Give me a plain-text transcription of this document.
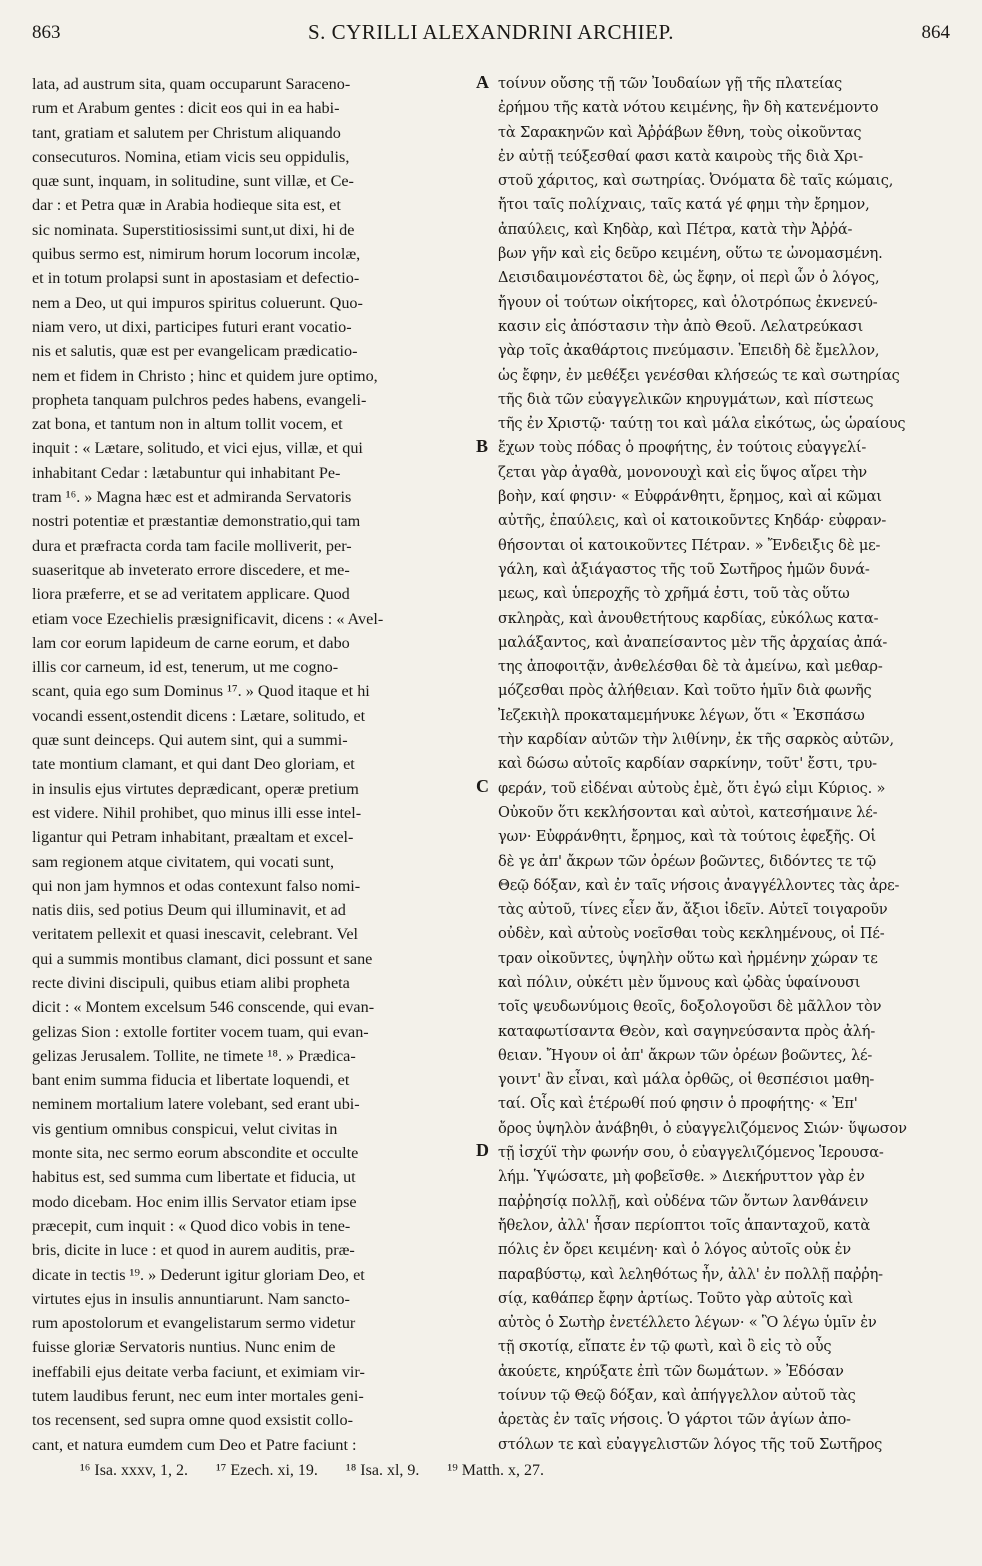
863	S. CYRILLI ALEXANDRINI ARCHIEP.	864
lata, ad austrum sita, quam occuparunt Saraceno-
rum et Arabum gentes : dicit eos qui in ea habi-
tant, gratiam et salutem per Christum aliquando
consecuturos. Nomina, etiam vicis seu oppidulis,
quæ sunt, inquam, in solitudine, sunt villæ, et Ce-
dar : et Petra quæ in Arabia hodieque sita est, et
sic nominata. Superstitiosissimi sunt,ut dixi, hi de
quibus sermo est, nimirum horum locorum incolæ,
et in totum prolapsi sunt in apostasiam et defectio-
nem a Deo, ut qui impuros spiritus coluerunt. Quo-
niam vero, ut dixi, participes futuri erant vocatio-
nis et salutis, quæ est per evangelicam prædicatio-
nem et fidem in Christo ; hinc et quidem jure optimo,
propheta tanquam pulchros pedes habens, evangeli-
zat bona, et tantum non in altum tollit vocem, et
inquit : « Lætare, solitudo, et vici ejus, villæ, et qui
inhabitant Cedar : lætabuntur qui inhabitant Pe-
tram ¹⁶. » Magna hæc est et admiranda Servatoris
nostri potentiæ et præstantiæ demonstratio,qui tam
dura et præfracta corda tam facile molliverit, per-
suaseritque ab inveterato errore discedere, et me-
liora præferre, et se ad veritatem applicare. Quod
etiam voce Ezechielis præsignificavit, dicens : « Avel-
lam cor eorum lapideum de carne eorum, et dabo
illis cor carneum, id est, tenerum, ut me cogno-
scant, quia ego sum Dominus ¹⁷. » Quod itaque et hi
vocandi essent,ostendit dicens : Lætare, solitudo, et
quæ sunt deinceps. Qui autem sint, qui a summi-
tate montium clamant, et qui dant Deo gloriam, et
in insulis ejus virtutes deprædicant, operæ pretium
est videre. Nihil prohibet, quo minus illi esse intel-
ligantur qui Petram inhabitant, præaltam et excel-
sam regionem atque civitatem, qui vocati sunt,
qui non jam hymnos et odas contexunt falso nomi-
natis diis, sed potius Deum qui illuminavit, et ad
veritatem pellexit et quasi inescavit, celebrant. Vel
qui a summis montibus clamant, dici possunt et sane
recte divini discipuli, quibus etiam alibi propheta
dicit : « Montem excelsum 546 conscende, qui evan-
gelizas Sion : extolle fortiter vocem tuam, qui evan-
gelizas Jerusalem. Tollite, ne timete ¹⁸. » Prædica-
bant enim summa fiducia et libertate loquendi, et
neminem mortalium latere volebant, sed erant ubi-
vis gentium omnibus conspicui, velut civitas in
monte sita, nec sermo eorum abscondite et occulte
habitus est, sed summa cum libertate et fiducia, ut
modo dicebam. Hoc enim illis Servator etiam ipse
præcepit, cum inquit : « Quod dico vobis in tene-
bris, dicite in luce : et quod in aurem auditis, præ-
dicate in tectis ¹⁹. » Dederunt igitur gloriam Deo, et
virtutes ejus in insulis annuntiarunt. Nam sancto-
rum apostolorum et evangelistarum sermo videtur
fuisse gloriæ Servatoris nuntius. Nunc enim de
ineffabili ejus deitate verba faciunt, et eximiam vir-
tutem laudibus ferunt, nec eum inter mortales geni-
tos recensent, sed supra omne quod exsistit collo-
cant, et natura eumdem cum Deo et Patre faciunt :
τοίνυν οὔσης τῇ τῶν Ἰουδαίων γῇ τῆς πλατείας
ἐρήμου τῆς κατὰ νότου κειμένης, ἣν δὴ κατενέμοντο
τὰ Σαρακηνῶν καὶ Ἀῤῥάβων ἔθνη, τοὺς οἰκοῦντας
ἐν αὐτῇ τεύξεσθαί φασι κατὰ καιροὺς τῆς διὰ Χρι-
στοῦ χάριτος, καὶ σωτηρίας. Ὀνόματα δὲ ταῖς κώμαις,
ἤτοι ταῖς πολίχναις, ταῖς κατά γέ φημι τὴν ἔρημον,
ἀπαύλεις, καὶ Κηδὰρ, καὶ Πέτρα, κατὰ τὴν Ἀῤῥά-
βων γῆν καὶ εἰς δεῦρο κειμένη, οὕτω τε ὠνομασμένη.
Δεισιδαιμονέστατοι δὲ, ὡς ἔφην, οἱ περὶ ὧν ὁ λόγος,
ἤγουν οἱ τούτων οἰκήτορες, καὶ ὁλοτρόπως ἐκνενεύ-
κασιν εἰς ἀπόστασιν τὴν ἀπὸ Θεοῦ. Λελατρεύκασι
γὰρ τοῖς ἀκαθάρτοις πνεύμασιν. Ἐπειδὴ δὲ ἔμελλον,
ὡς ἔφην, ἐν μεθέξει γενέσθαι κλήσεώς τε καὶ σωτηρίας
τῆς διὰ τῶν εὐαγγελικῶν κηρυγμάτων, καὶ πίστεως
τῆς ἐν Χριστῷ· ταύτῃ τοι καὶ μάλα εἰκότως, ὡς ὡραίους
ἔχων τοὺς πόδας ὁ προφήτης, ἐν τούτοις εὐαγγελί-
ζεται γὰρ ἀγαθὰ, μονονουχὶ καὶ εἰς ὕψος αἴρει τὴν
βοὴν, καί φησιν· « Εὐφράνθητι, ἔρημος, καὶ αἱ κῶμαι
αὐτῆς, ἐπαύλεις, καὶ οἱ κατοικοῦντες Κηδάρ· εὐφραν-
θήσονται οἱ κατοικοῦντες Πέτραν. » Ἔνδειξις δὲ με-
γάλη, καὶ ἀξιάγαστος τῆς τοῦ Σωτῆρος ἡμῶν δυνά-
μεως, καὶ ὑπεροχῆς τὸ χρῆμά ἐστι, τοῦ τὰς οὕτω
σκληρὰς, καὶ ἀνουθετήτους καρδίας, εὐκόλως κατα-
μαλάξαντος, καὶ ἀναπείσαντος μὲν τῆς ἀρχαίας ἀπά-
της ἀποφοιτᾷν, ἀνθελέσθαι δὲ τὰ ἀμείνω, καὶ μεθαρ-
μόζεσθαι πρὸς ἀλήθειαν. Καὶ τοῦτο ἡμῖν διὰ φωνῆς
Ἰεζεκιὴλ προκαταμεμήνυκε λέγων, ὅτι « Ἐκσπάσω
τὴν καρδίαν αὐτῶν τὴν λιθίνην, ἐκ τῆς σαρκὸς αὐτῶν,
καὶ δώσω αὐτοῖς καρδίαν σαρκίνην, τοῦτ' ἔστι, τρυ-
φεράν, τοῦ εἰδέναι αὐτοὺς ἐμὲ, ὅτι ἐγώ εἰμι Κύριος. »
Οὐκοῦν ὅτι κεκλήσονται καὶ αὐτοὶ, κατεσήμαινε λέ-
γων· Εὐφράνθητι, ἔρημος, καὶ τὰ τούτοις ἐφεξῆς. Οἱ
δὲ γε ἀπ' ἄκρων τῶν ὀρέων βοῶντες, διδόντες τε τῷ
Θεῷ δόξαν, καὶ ἐν ταῖς νήσοις ἀναγγέλλοντες τὰς ἀρε-
τὰς αὐτοῦ, τίνες εἶεν ἄν, ἄξιοι ἰδεῖν. Αὐτεῖ τοιγαροῦν
οὐδὲν, καὶ αὐτοὺς νοεῖσθαι τοὺς κεκλημένους, οἱ Πέ-
τραν οἰκοῦντες, ὑψηλὴν οὕτω καὶ ἠρμένην χώραν τε
καὶ πόλιν, οὐκέτι μὲν ὕμνους καὶ ᾠδὰς ὑφαίνουσι
τοῖς ψευδωνύμοις θεοῖς, δοξολογοῦσι δὲ μᾶλλον τὸν
καταφωτίσαντα Θεὸν, καὶ σαγηνεύσαντα πρὸς ἀλή-
θειαν. Ἤγουν οἱ ἀπ' ἄκρων τῶν ὀρέων βοῶντες, λέ-
γοιντ' ἂν εἶναι, καὶ μάλα ὀρθῶς, οἱ θεσπέσιοι μαθη-
ταί. Οἷς καὶ ἑτέρωθί πού φησιν ὁ προφήτης· « Ἐπ'
ὄρος ὑψηλὸν ἀνάβηθι, ὁ εὐαγγελιζόμενος Σιών· ὕψωσον
τῇ ἰσχύϊ τὴν φωνήν σου, ὁ εὐαγγελιζόμενος Ἱερουσα-
λήμ. Ὑψώσατε, μὴ φοβεῖσθε. » Διεκήρυττον γὰρ ἐν
παῤῥησίᾳ πολλῇ, καὶ οὐδένα τῶν ὄντων λανθάνειν
ἤθελον, ἀλλ' ἦσαν περίοπτοι τοῖς ἁπανταχοῦ, κατὰ
πόλις ἐν ὄρει κειμένη· καὶ ὁ λόγος αὐτοῖς οὐκ ἐν
παραβύστῳ, καὶ λεληθότως ἦν, ἀλλ' ἐν πολλῇ παῤῥη-
σίᾳ, καθάπερ ἔφην ἀρτίως. Τοῦτο γὰρ αὐτοῖς καὶ
αὐτὸς ὁ Σωτὴρ ἐνετέλλετο λέγων· « Ὃ λέγω ὑμῖν ἐν
τῇ σκοτίᾳ, εἴπατε ἐν τῷ φωτὶ, καὶ ὃ εἰς τὸ οὖς
ἀκούετε, κηρύξατε ἐπὶ τῶν δωμάτων. » Ἐδόσαν
τοίνυν τῷ Θεῷ δόξαν, καὶ ἀπήγγελλον αὐτοῦ τὰς
ἀρετὰς ἐν ταῖς νήσοις. Ὁ γάρτοι τῶν ἁγίων ἀπο-
στόλων τε καὶ εὐαγγελιστῶν λόγος τῆς τοῦ Σωτῆρος
A
B
C
D
¹⁶ Isa. xxxv, 1, 2. ¹⁷ Ezech. xi, 19. ¹⁸ Isa. xl, 9. ¹⁹ Matth. x, 27.
